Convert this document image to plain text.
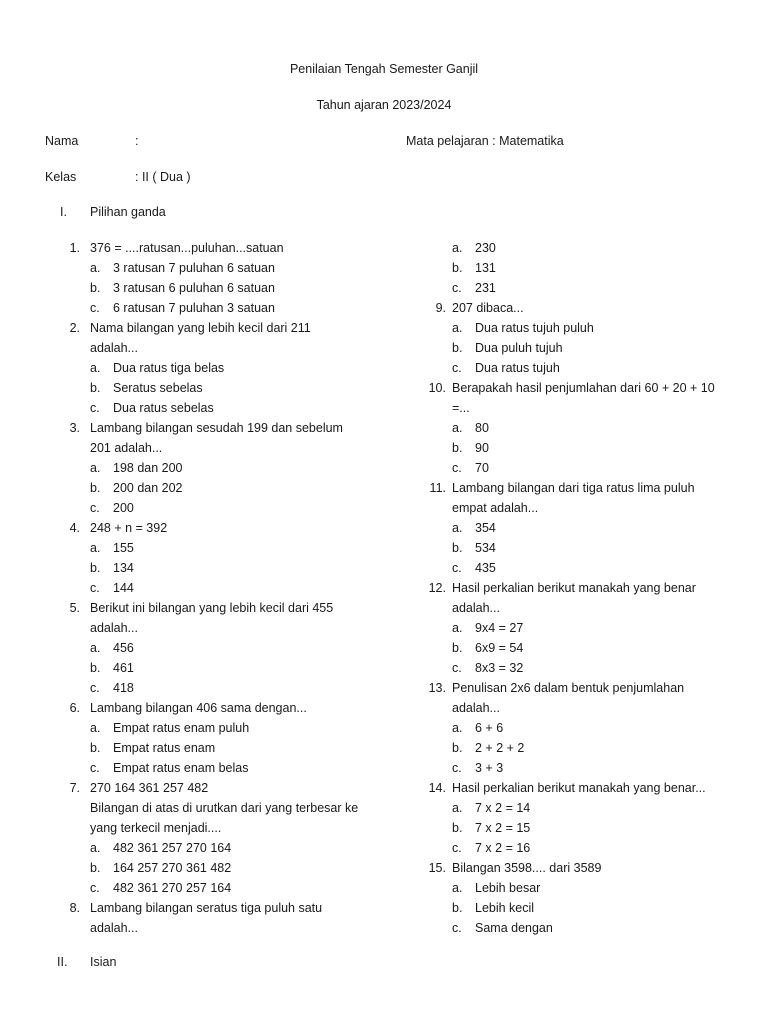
Penilaian Tengah Semester Ganjil
Tahun ajaran 2023/2024
Nama	:	Mata pelajaran : Matematika
Kelas	: II ( Dua )
I. Pilihan ganda
1. 376 = ....ratusan...puluhan...satuan
a. 3 ratusan 7 puluhan 6 satuan
b. 3 ratusan 6 puluhan 6 satuan
c. 6 ratusan 7 puluhan 3 satuan
2. Nama bilangan yang lebih kecil dari 211
adalah...
a. Dua ratus tiga belas
b. Seratus sebelas
c. Dua ratus sebelas
3. Lambang bilangan sesudah 199 dan sebelum
201 adalah...
a. 198 dan 200
b. 200 dan 202
c. 200
4. 248 + n = 392
a. 155
b. 134
c. 144
5. Berikut ini bilangan yang lebih kecil dari 455
adalah...
a. 456
b. 461
c. 418
6. Lambang bilangan 406 sama dengan...
a. Empat ratus enam puluh
b. Empat ratus enam
c. Empat ratus enam belas
7. 270 164 361 257 482
Bilangan di atas di urutkan dari yang terbesar ke
yang terkecil menjadi....
a. 482 361 257 270 164
b. 164 257 270 361 482
c. 482 361 270 257 164
8. Lambang bilangan seratus tiga puluh satu
adalah...
a. 230
b. 131
c. 231
9. 207 dibaca...
a. Dua ratus tujuh puluh
b. Dua puluh tujuh
c. Dua ratus tujuh
10. Berapakah hasil penjumlahan dari 60 + 20 + 10
=...
a. 80
b. 90
c. 70
11. Lambang bilangan dari tiga ratus lima puluh
empat adalah...
a. 354
b. 534
c. 435
12. Hasil perkalian berikut manakah yang benar
adalah...
a. 9x4 = 27
b. 6x9 = 54
c. 8x3 = 32
13. Penulisan 2x6 dalam bentuk penjumlahan
adalah...
a. 6 + 6
b. 2 + 2 + 2
c. 3 + 3
14. Hasil perkalian berikut manakah yang benar...
a. 7 x 2 = 14
b. 7 x 2 = 15
c. 7 x 2 = 16
15. Bilangan 3598.... dari 3589
a. Lebih besar
b. Lebih kecil
c. Sama dengan
II. Isian
